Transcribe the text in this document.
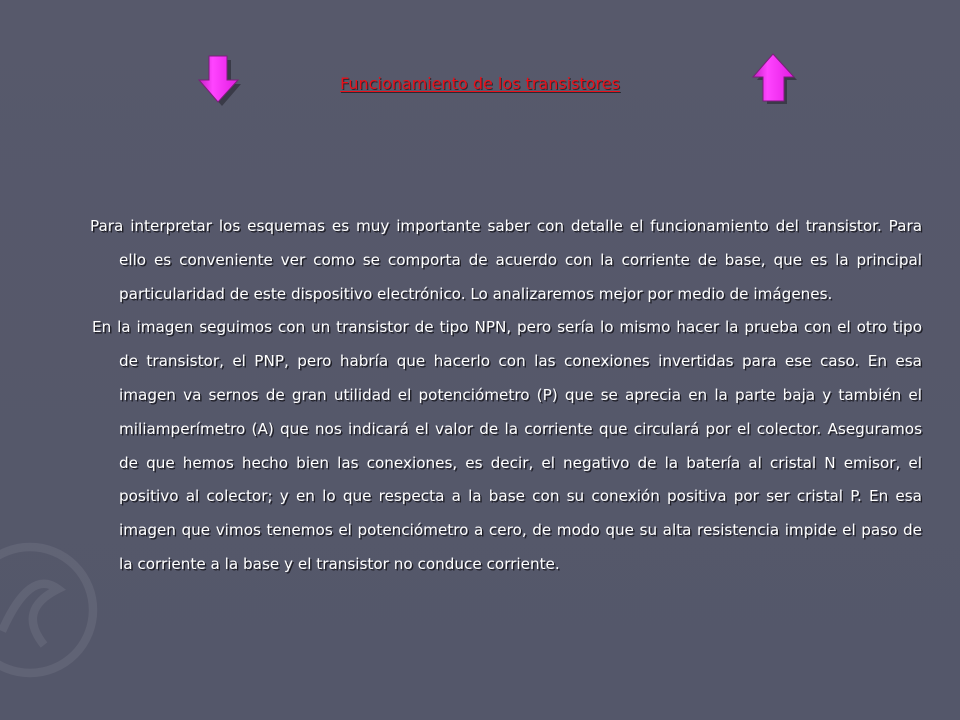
Funcionamiento de los transistores

Para interpretar los esquemas es muy importante saber con detalle el funcionamiento del transistor. Para ello es conveniente ver como se comporta de acuerdo con la corriente de base, que es la principal particularidad de este dispositivo electrónico. Lo analizaremos mejor por medio de imágenes.

En la imagen seguimos con un transistor de tipo NPN, pero sería lo mismo hacer la prueba con el otro tipo de transistor, el PNP, pero habría que hacerlo con las conexiones invertidas para ese caso. En esa imagen va sernos de gran utilidad el potenciómetro (P) que se aprecia en la parte baja y también el miliamperímetro (A) que nos indicará el valor de la corriente que circulará por el colector. Aseguramos de que hemos hecho bien las conexiones, es decir, el negativo de la batería al cristal N emisor, el positivo al colector; y en lo que respecta a la base con su conexión positiva por ser cristal P. En esa imagen que vimos tenemos el potenciómetro a cero, de modo que su alta resistencia impide el paso de la corriente a la base y el transistor no conduce corriente.
